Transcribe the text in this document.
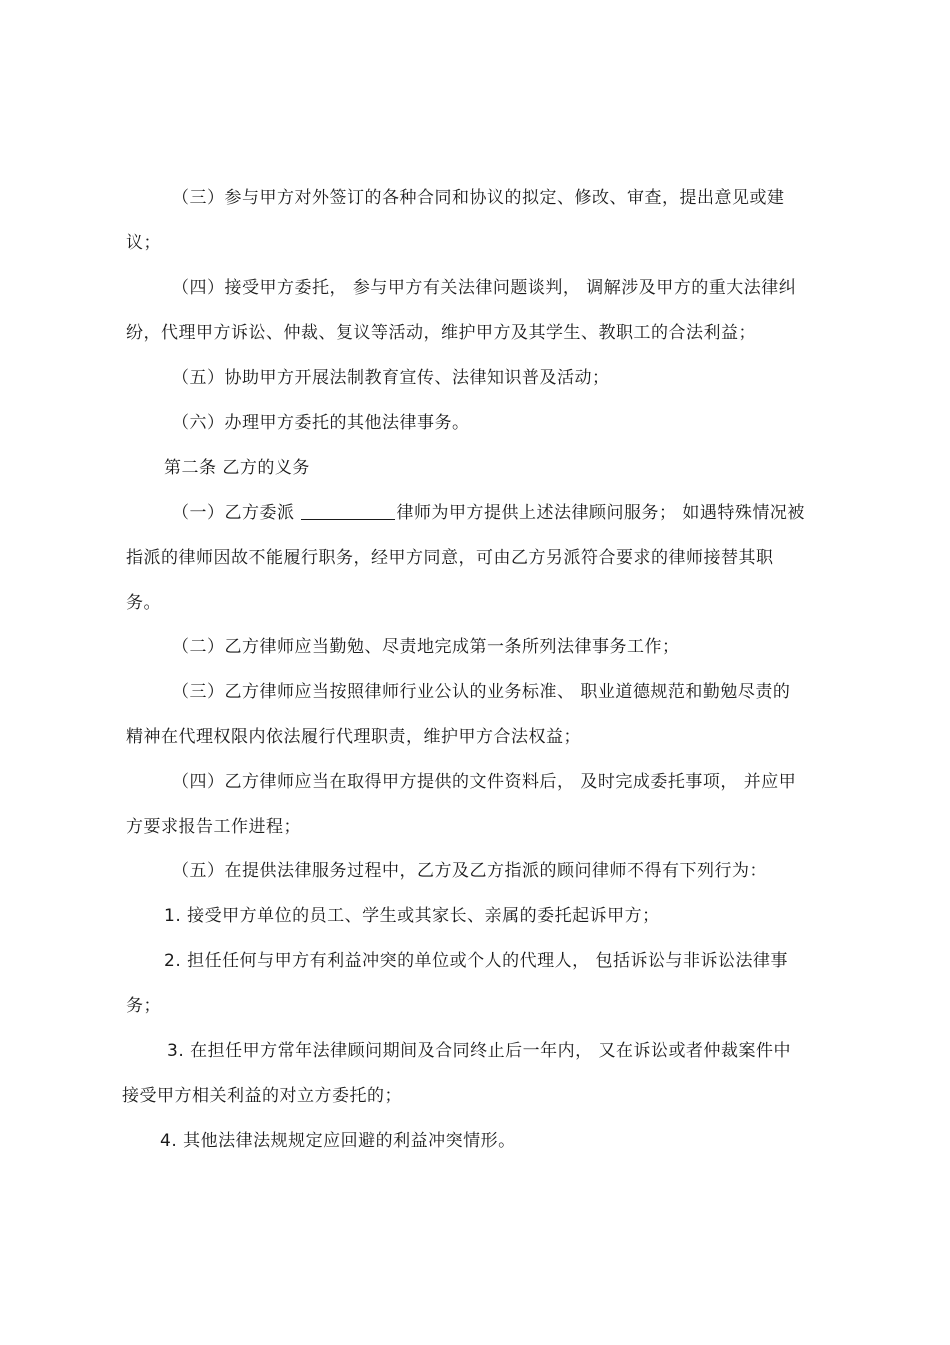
（三）参与甲方对外签订的各种合同和协议的拟定、修改、审查，提出意见或建
议；
（四）接受甲方委托， 参与甲方有关法律问题谈判， 调解涉及甲方的重大法律纠
纷，代理甲方诉讼、仲裁、复议等活动，维护甲方及其学生、教职工的合法利益；
（五）协助甲方开展法制教育宣传、法律知识普及活动；
（六）办理甲方委托的其他法律事务。
第二条 乙方的义务
（一）乙方委派	律师为甲方提供上述法律顾问服务； 如遇特殊情况被
指派的律师因故不能履行职务，经甲方同意，可由乙方另派符合要求的律师接替其职
务。
（二）乙方律师应当勤勉、尽责地完成第一条所列法律事务工作；
（三）乙方律师应当按照律师行业公认的业务标准、 职业道德规范和勤勉尽责的
精神在代理权限内依法履行代理职责，维护甲方合法权益；
（四）乙方律师应当在取得甲方提供的文件资料后， 及时完成委托事项， 并应甲
方要求报告工作进程；
（五）在提供法律服务过程中，乙方及乙方指派的顾问律师不得有下列行为：
1. 接受甲方单位的员工、学生或其家长、亲属的委托起诉甲方；
2. 担任任何与甲方有利益冲突的单位或个人的代理人， 包括诉讼与非诉讼法律事
务；
3. 在担任甲方常年法律顾问期间及合同终止后一年内， 又在诉讼或者仲裁案件中
接受甲方相关利益的对立方委托的；
4. 其他法律法规规定应回避的利益冲突情形。
